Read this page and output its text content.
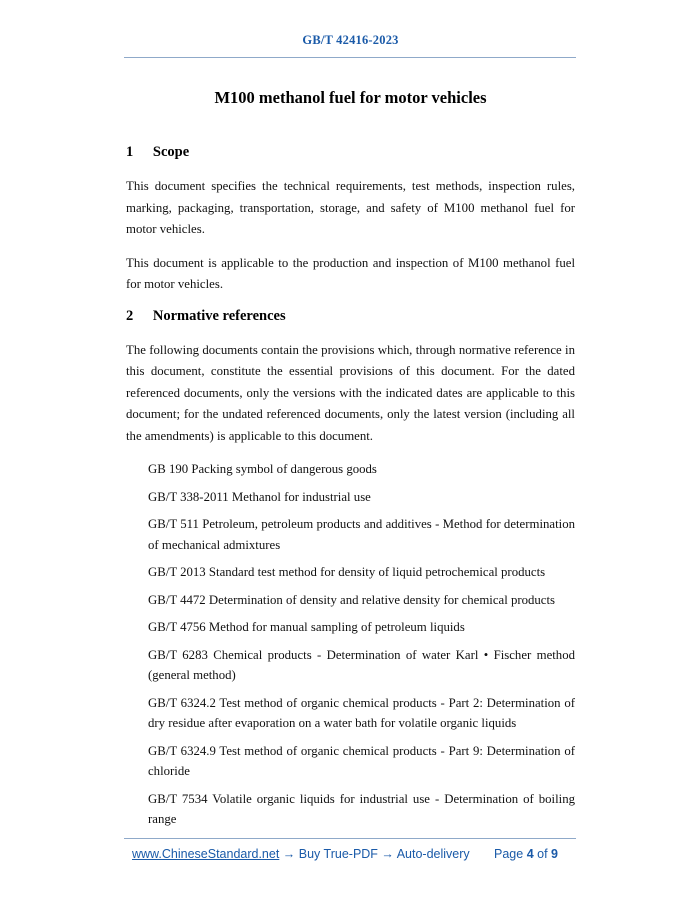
GB/T 42416-2023
M100 methanol fuel for motor vehicles
1 Scope

This document specifies the technical requirements, test methods, inspection rules, marking, packaging, transportation, storage, and safety of M100 methanol fuel for motor vehicles.

This document is applicable to the production and inspection of M100 methanol fuel for motor vehicles.

2 Normative references

The following documents contain the provisions which, through normative reference in this document, constitute the essential provisions of this document. For the dated referenced documents, only the versions with the indicated dates are applicable to this document; for the undated referenced documents, only the latest version (including all the amendments) is applicable to this document.

GB 190 Packing symbol of dangerous goods
GB/T 338-2011 Methanol for industrial use
GB/T 511 Petroleum, petroleum products and additives - Method for determination of mechanical admixtures
GB/T 2013 Standard test method for density of liquid petrochemical products
GB/T 4472 Determination of density and relative density for chemical products
GB/T 4756 Method for manual sampling of petroleum liquids
GB/T 6283 Chemical products - Determination of water Karl • Fischer method (general method)
GB/T 6324.2 Test method of organic chemical products - Part 2: Determination of dry residue after evaporation on a water bath for volatile organic liquids
GB/T 6324.9 Test method of organic chemical products - Part 9: Determination of chloride
GB/T 7534 Volatile organic liquids for industrial use - Determination of boiling range
www.ChineseStandard.net → Buy True-PDF → Auto-delivery Page 4 of 9
